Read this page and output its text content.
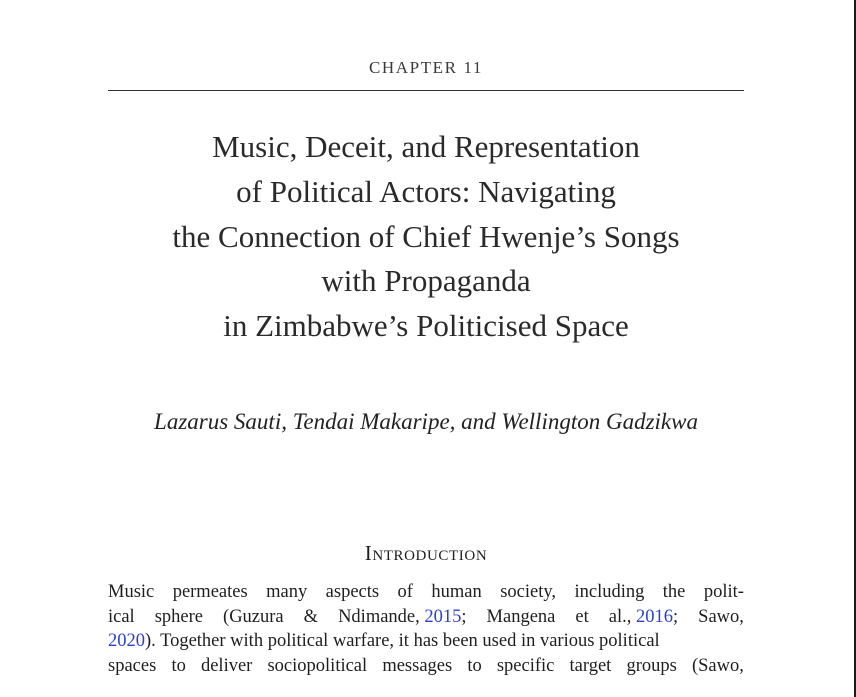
CHAPTER 11
Music, Deceit, and Representation
of Political Actors: Navigating
the Connection of Chief Hwenje’s Songs
with Propaganda
in Zimbabwe’s Politicised Space
Lazarus Sauti, Tendai Makaripe, and Wellington Gadzikwa
Introduction
Music permeates many aspects of human society, including the polit-
ical sphere (Guzura & Ndimande, 2015; Mangena et al., 2016; Sawo,
2020). Together with political warfare, it has been used in various political
spaces to deliver sociopolitical messages to specific target groups (Sawo,
